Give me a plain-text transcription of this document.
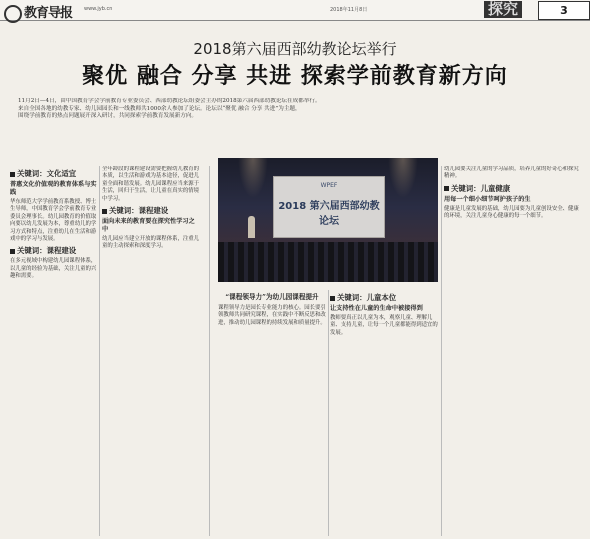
教育导报 www.jyb.cn	2018年11月8日	探究	3
2018第六届西部幼教论坛举行
聚优 融合 分享 共进 探索学前教育新方向
11月2日—4日，由中国教育学会学前教育专业委员会、西部幼教论坛组委会主办的2018第六届西部幼教论坛在成都举行。
来自全国各地的幼教专家、幼儿园园长和一线教师共1000余人参加了论坛。论坛以“聚优 融合 分享 共进”为主题，
围绕学前教育的热点问题展开深入研讨，共同探索学前教育发展新方向。
WPEF
2018 第六届西部幼教论坛
关键词：文化适宜
普惠文化价值观的教育体系与实践

华东师范大学学前教育系教授、博士生导师，中国教育学会学前教育专业委员会理事长。幼儿园教育的价值取向要以幼儿发展为本，尊重幼儿的学习方式和特点，注重幼儿在生活和游戏中的学习与发展。

关键词：课程建设

在多元视域中构建幼儿园课程体系，以儿童的经验为基础，关注儿童的兴趣和需要。

全年龄段的课程建设需要把握幼儿教育的本质，以生活和游戏为基本途径，促进儿童全面和谐发展。幼儿园课程应当来源于生活，回归于生活，让儿童在真实的情境中学习。

关键词：课程建设
面向未来的教育要在探究性学习之中

幼儿园应当建立开放的课程体系，注重儿童的主动探索和深度学习。

“课程领导力”为幼儿园课程提升

课程领导力是园长专业能力的核心。园长要引领教师共同研究课程，在实践中不断反思和改进，推动幼儿园课程的持续发展和质量提升。

关键词：儿童本位
让支持性在儿童的生命中被接得到

教师要真正以儿童为本，观察儿童、理解儿童、支持儿童，让每一个儿童都能得到适宜的发展。

幼儿园要关注儿童的学习品质，培养儿童的好奇心和探究精神。

关键词：儿童健康
用每一个细小细节呵护孩子的生

健康是儿童发展的基础，幼儿园要为儿童创设安全、健康的环境，关注儿童身心健康的每一个细节。
